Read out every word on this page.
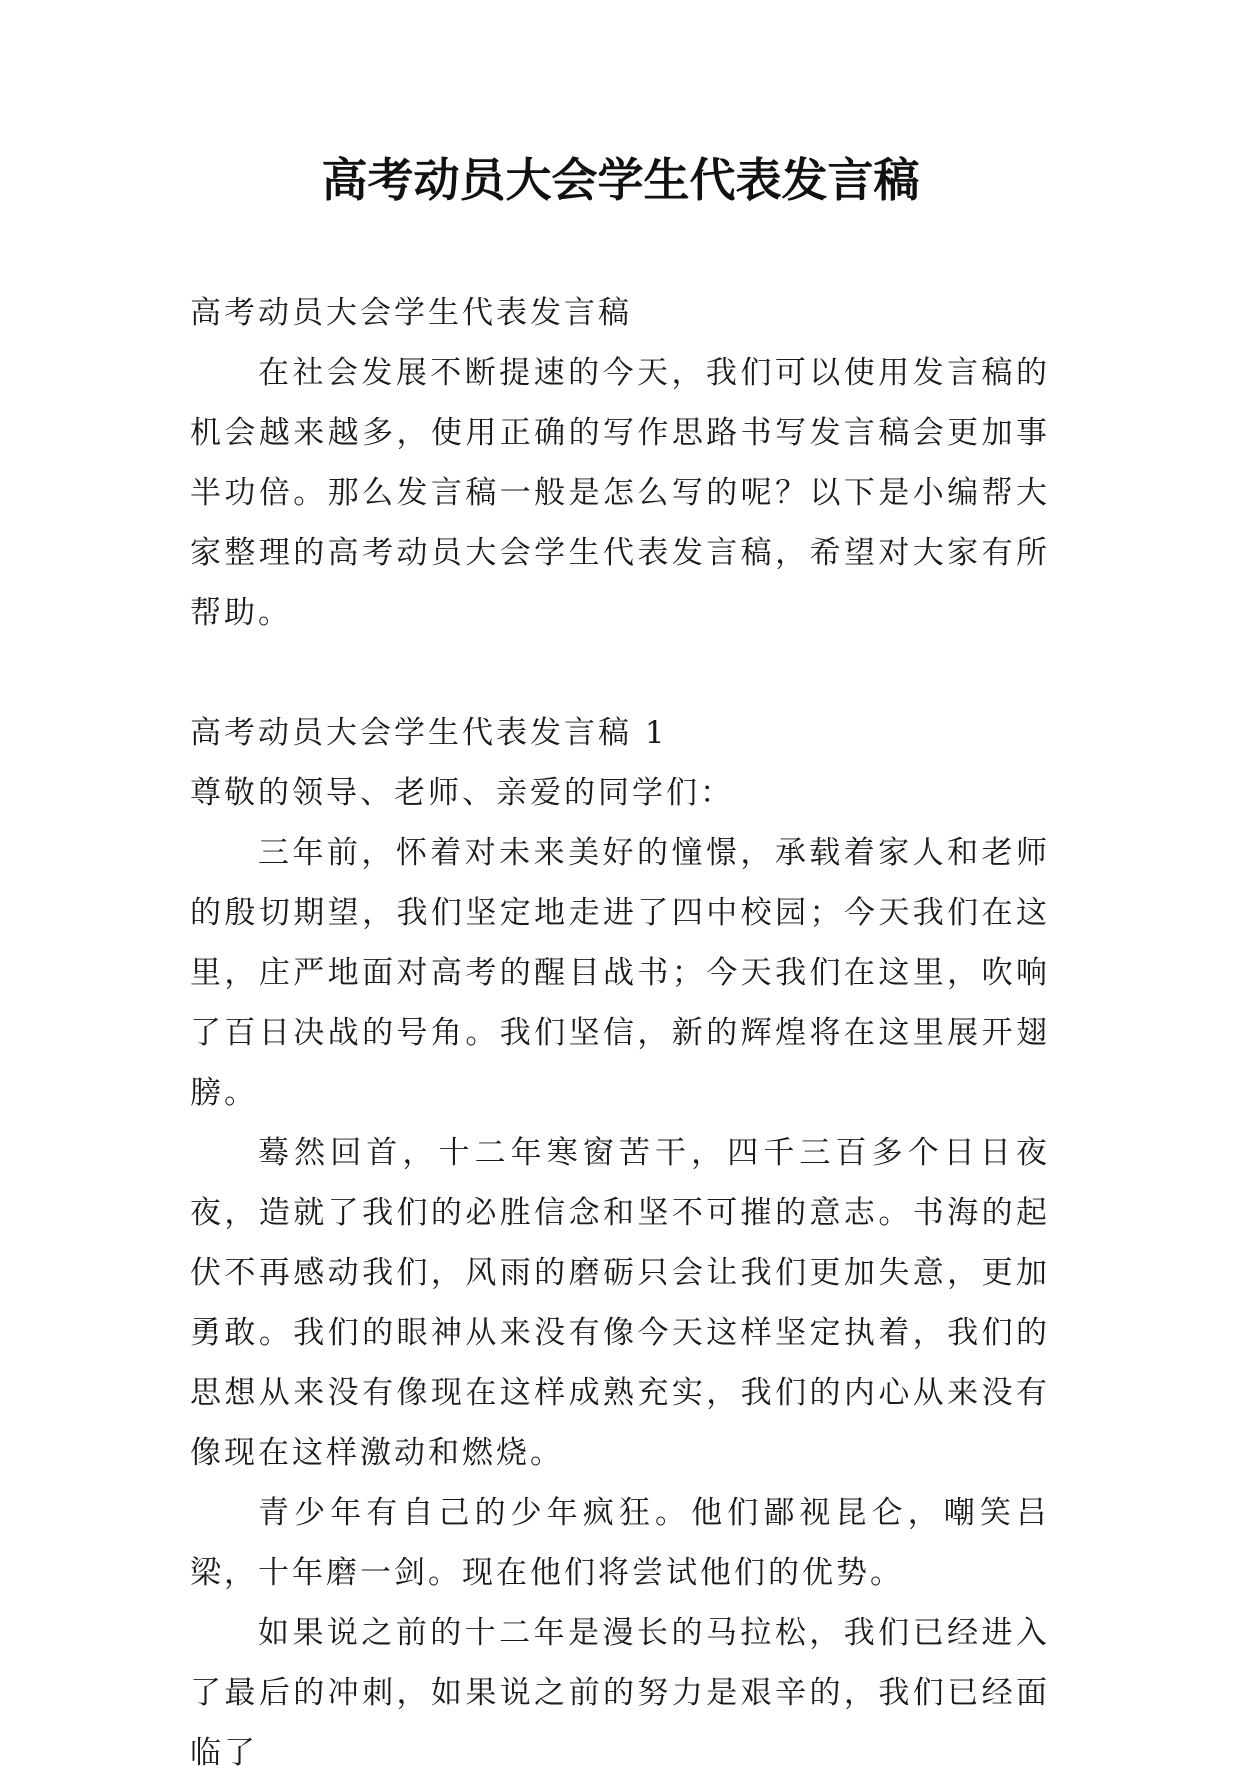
高考动员大会学生代表发言稿

高考动员大会学生代表发言稿

在社会发展不断提速的今天，我们可以使用发言稿的机会越来越多，使用正确的写作思路书写发言稿会更加事半功倍。那么发言稿一般是怎么写的呢？以下是小编帮大家整理的高考动员大会学生代表发言稿，希望对大家有所帮助。

高考动员大会学生代表发言稿 1

尊敬的领导、老师、亲爱的同学们：

三年前，怀着对未来美好的憧憬，承载着家人和老师的殷切期望，我们坚定地走进了四中校园；今天我们在这里，庄严地面对高考的醒目战书；今天我们在这里，吹响了百日决战的号角。我们坚信，新的辉煌将在这里展开翅膀。

蓦然回首，十二年寒窗苦干，四千三百多个日日夜夜，造就了我们的必胜信念和坚不可摧的意志。书海的起伏不再感动我们，风雨的磨砺只会让我们更加失意，更加勇敢。我们的眼神从来没有像今天这样坚定执着，我们的思想从来没有像现在这样成熟充实，我们的内心从来没有像现在这样激动和燃烧。

青少年有自己的少年疯狂。他们鄙视昆仑，嘲笑吕梁，十年磨一剑。现在他们将尝试他们的优势。

如果说之前的十二年是漫长的马拉松，我们已经进入了最后的冲刺，如果说之前的努力是艰辛的，我们已经面临了
